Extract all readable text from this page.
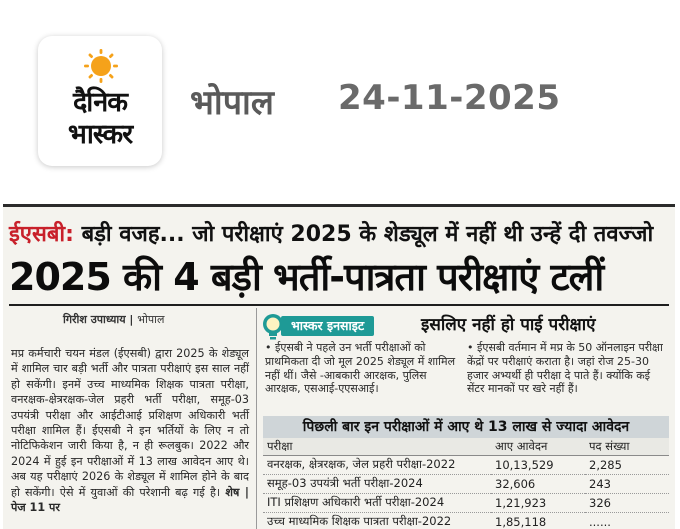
दैनिक
भास्कर
भोपाल 24-11-2025
ईएसबी: बड़ी वजह... जो परीक्षाएं 2025 के शेड्यूल में नहीं थी उन्हें दी तवज्जो
2025 की 4 बड़ी भर्ती-पात्रता परीक्षाएं टलीं
गिरीश उपाध्याय | भोपाल
मप्र कर्मचारी चयन मंडल (ईएसबी) द्वारा 2025 के शेड्यूल में शामिल चार बड़ी भर्ती और पात्रता परीक्षाएं इस साल नहीं हो सकेंगी। इनमें उच्च माध्यमिक शिक्षक पात्रता परीक्षा, वनरक्षक-क्षेत्ररक्षक-जेल प्रहरी भर्ती परीक्षा, समूह-03 उपयंत्री परीक्षा और आईटीआई प्रशिक्षण अधिकारी भर्ती परीक्षा शामिल हैं। ईएसबी ने इन भर्तियों के लिए न तो नोटिफिकेशन जारी किया है, न ही रूलबुक। 2022 और 2024 में हुई इन परीक्षाओं में 13 लाख आवेदन आए थे। अब यह परीक्षाएं 2026 के शेड्यूल में शामिल होने के बाद हो सकेंगी। ऐसे में युवाओं की परेशानी बढ़ गई है। शेष | पेज 11 पर
भास्कर इनसाइट	इसलिए नहीं हो पाई परीक्षाएं
• ईएसबी ने पहले उन भर्ती परीक्षाओं को प्राथमिकता दी जो मूल 2025 शेड्यूल में शामिल नहीं थीं। जैसे -आबकारी आरक्षक, पुलिस आरक्षक, एसआई-एएसआई।
• ईएसबी वर्तमान में मप्र के 50 ऑनलाइन परीक्षा केंद्रों पर परीक्षाएं कराता है। जहां रोज 25-30 हजार अभ्यर्थी ही परीक्षा दे पाते हैं। क्योंकि कई सेंटर मानकों पर खरे नहीं हैं।
पिछली बार इन परीक्षाओं में आए थे 13 लाख से ज्यादा आवेदन
परीक्षा	आए आवेदन	पद संख्या
वनरक्षक, क्षेत्ररक्षक, जेल प्रहरी परीक्षा-2022	10,13,529	2,285
समूह-03 उपयंत्री भर्ती परीक्षा-2024	32,606	243
ITI प्रशिक्षण अधिकारी भर्ती परीक्षा-2024	1,21,923	326
उच्च माध्यमिक शिक्षक पात्रता परीक्षा-2022	1,85,118	......
